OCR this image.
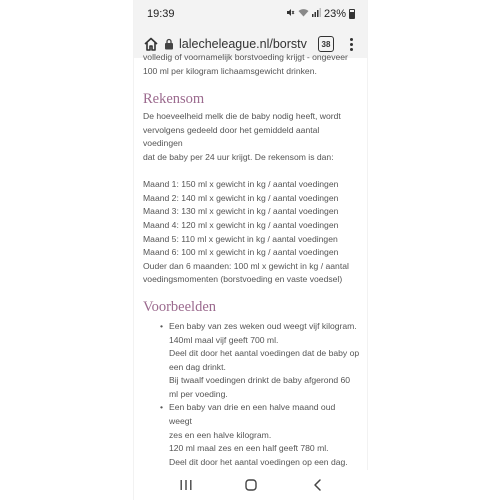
19:39	23%
lalecheleague.nl/borstv	38
volledig of voornamelijk borstvoeding krijgt - ongeveer
100 ml per kilogram lichaamsgewicht drinken.
Rekensom
De hoeveelheid melk die de baby nodig heeft, wordt
vervolgens gedeeld door het gemiddeld aantal voedingen
dat de baby per 24 uur krijgt. De rekensom is dan:
Maand 1: 150 ml x gewicht in kg / aantal voedingen
Maand 2: 140 ml x gewicht in kg / aantal voedingen
Maand 3: 130 ml x gewicht in kg / aantal voedingen
Maand 4: 120 ml x gewicht in kg / aantal voedingen
Maand 5: 110 ml x gewicht in kg / aantal voedingen
Maand 6: 100 ml x gewicht in kg / aantal voedingen
Ouder dan 6 maanden: 100 ml x gewicht in kg / aantal
voedingsmomenten (borstvoeding en vaste voedsel)
Voorbeelden
• Een baby van zes weken oud weegt vijf kilogram.
140ml maal vijf geeft 700 ml.
Deel dit door het aantal voedingen dat de baby op
een dag drinkt.
Bij twaalf voedingen drinkt de baby afgerond 60
ml per voeding.
• Een baby van drie en een halve maand oud weegt
zes en een halve kilogram.
120 ml maal zes en een half geeft 780 ml.
Deel dit door het aantal voedingen op een dag.
